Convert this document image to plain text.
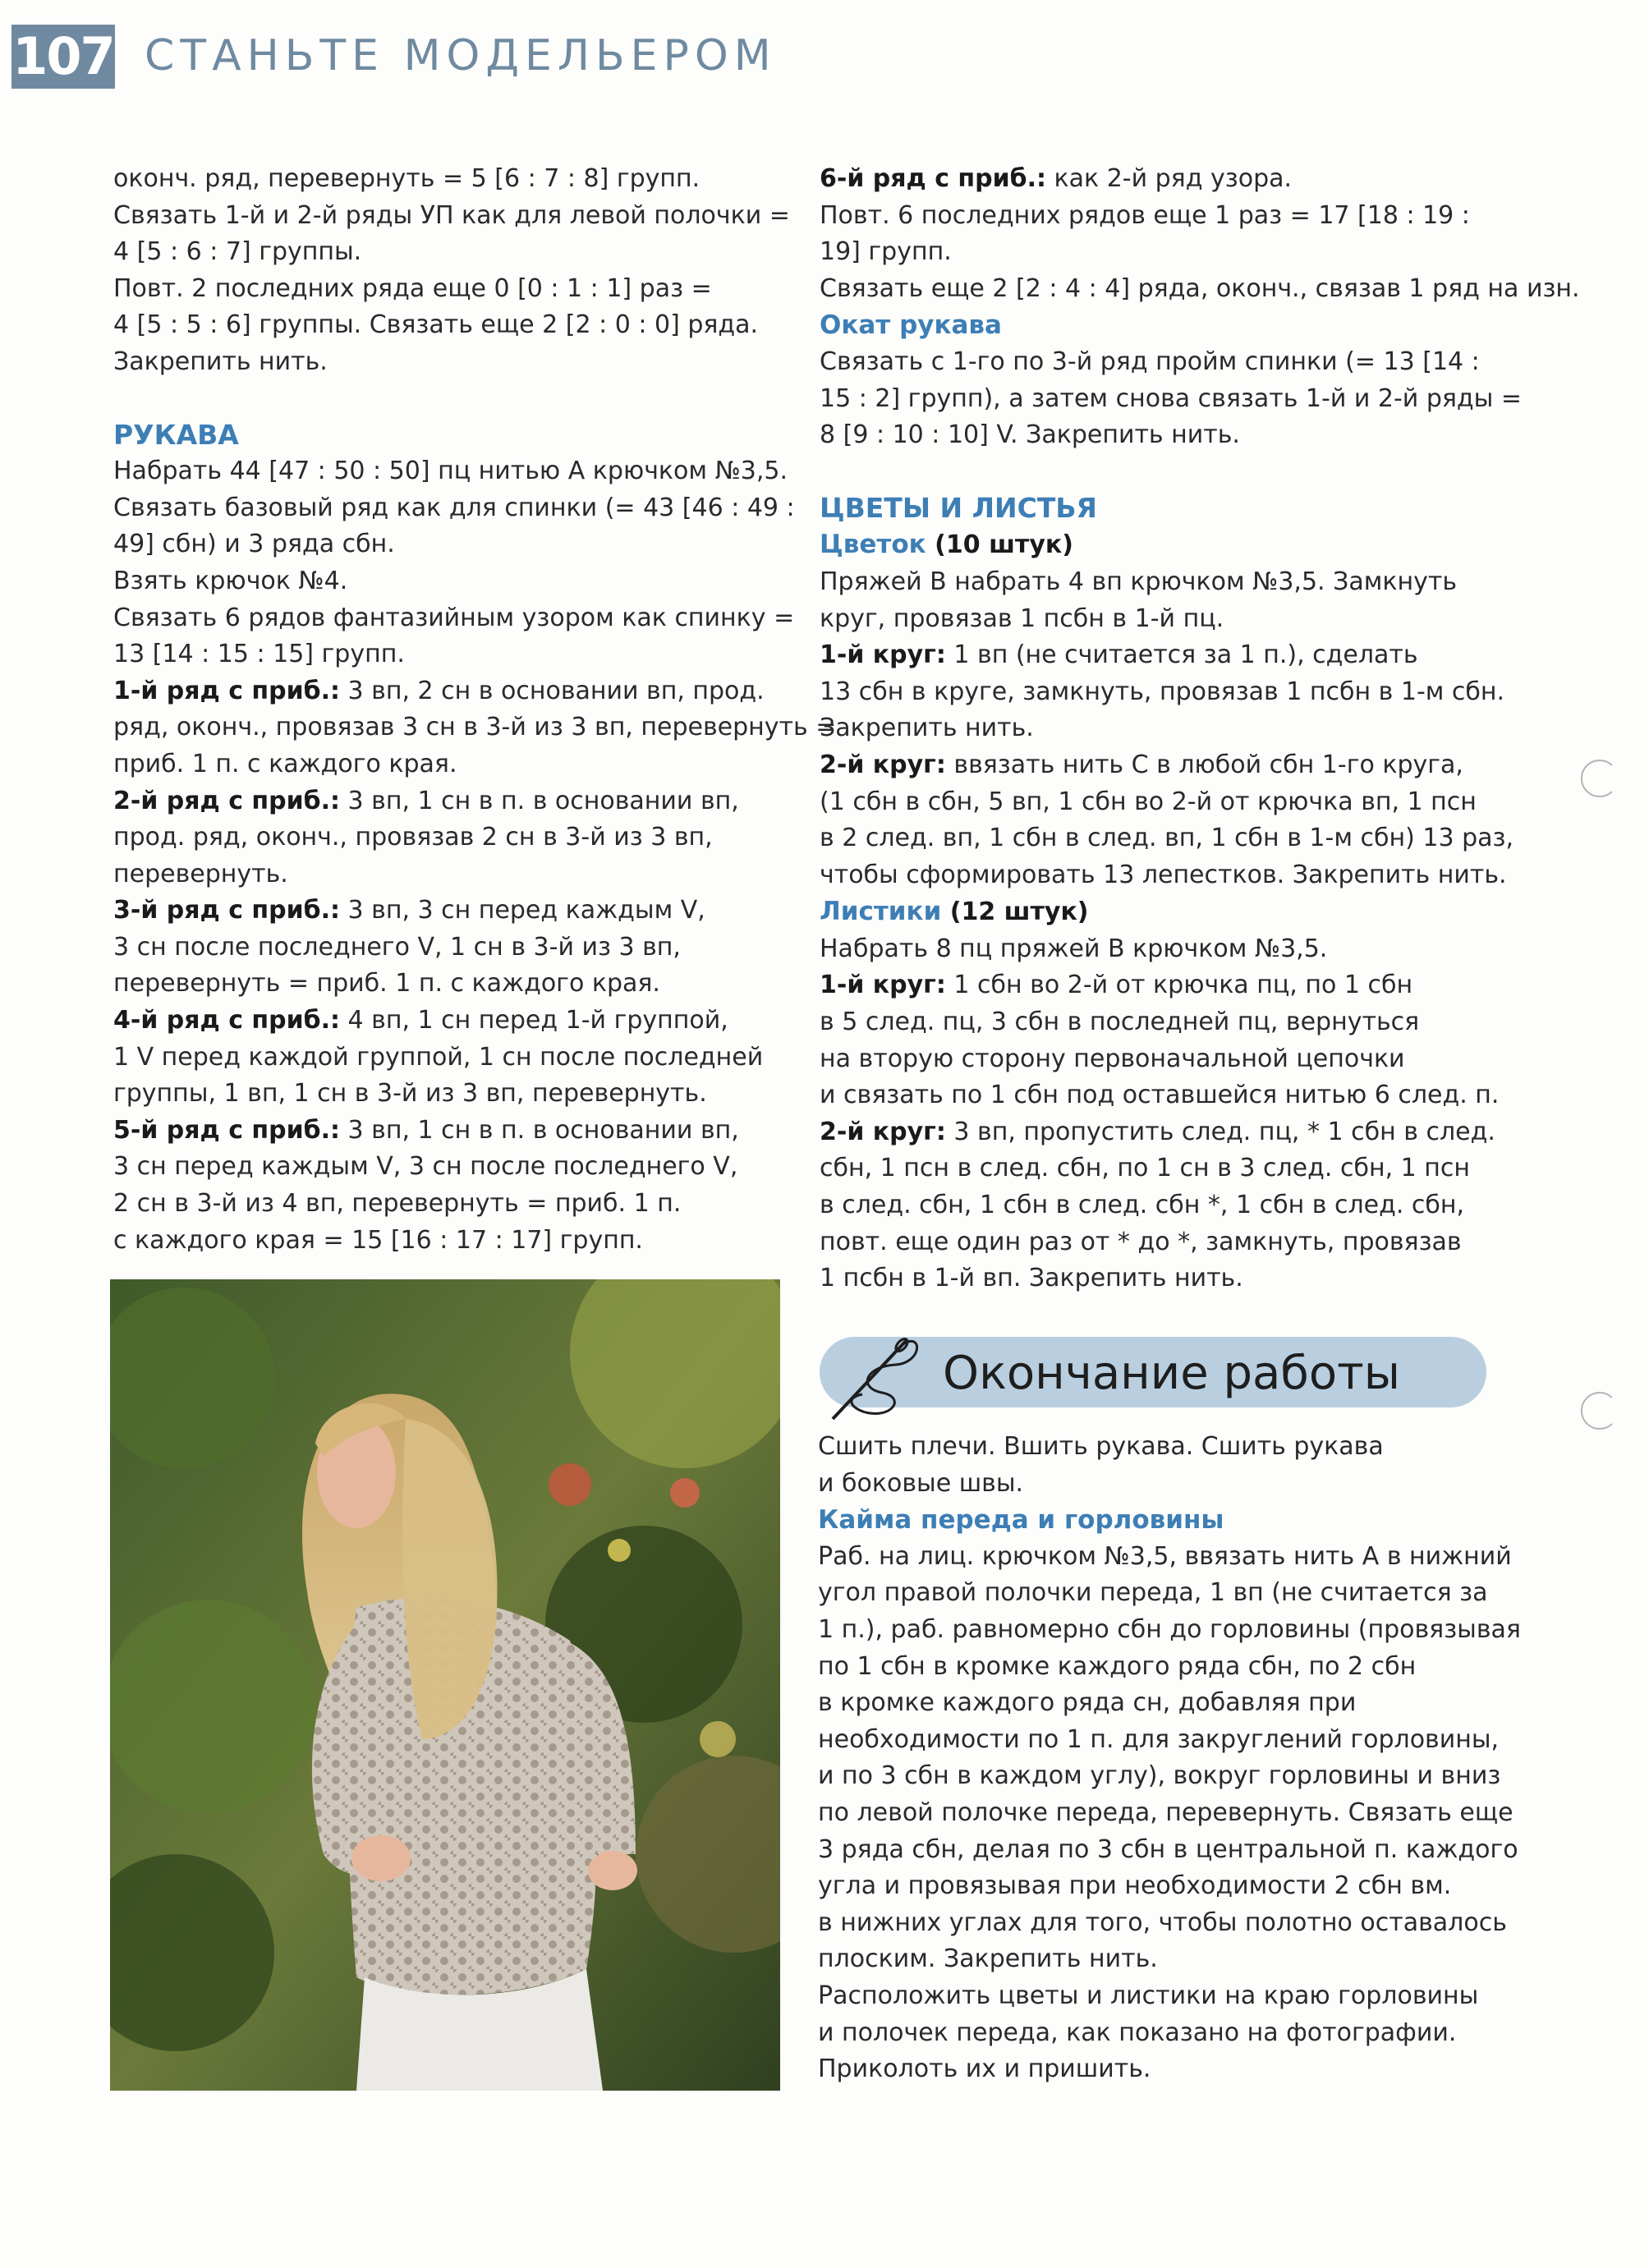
107 СТАНЬТЕ МОДЕЛЬЕРОМ
оконч. ряд, перевернуть = 5 [6 : 7 : 8] групп.
Связать 1-й и 2-й ряды УП как для левой полочки =
4 [5 : 6 : 7] группы.
Повт. 2 последних ряда еще 0 [0 : 1 : 1] раз =
4 [5 : 5 : 6] группы. Связать еще 2 [2 : 0 : 0] ряда.
Закрепить нить.
РУКАВА
Набрать 44 [47 : 50 : 50] пц нитью А крючком №3,5.
Связать базовый ряд как для спинки (= 43 [46 : 49 :
49] сбн) и 3 ряда сбн.
Взять крючок №4.
Связать 6 рядов фантазийным узором как спинку =
13 [14 : 15 : 15] групп.
1-й ряд с приб.: 3 вп, 2 сн в основании вп, прод.
ряд, оконч., провязав 3 сн в 3-й из 3 вп, перевернуть =
приб. 1 п. с каждого края.
2-й ряд с приб.: 3 вп, 1 сн в п. в основании вп,
прод. ряд, оконч., провязав 2 сн в 3-й из 3 вп,
перевернуть.
3-й ряд с приб.: 3 вп, 3 сн перед каждым V,
3 сн после последнего V, 1 сн в 3-й из 3 вп,
перевернуть = приб. 1 п. с каждого края.
4-й ряд с приб.: 4 вп, 1 сн перед 1-й группой,
1 V перед каждой группой, 1 сн после последней
группы, 1 вп, 1 сн в 3-й из 3 вп, перевернуть.
5-й ряд с приб.: 3 вп, 1 сн в п. в основании вп,
3 сн перед каждым V, 3 сн после последнего V,
2 сн в 3-й из 4 вп, перевернуть = приб. 1 п.
с каждого края = 15 [16 : 17 : 17] групп.
6-й ряд с приб.: как 2-й ряд узора.
Повт. 6 последних рядов еще 1 раз = 17 [18 : 19 :
19] групп.
Связать еще 2 [2 : 4 : 4] ряда, оконч., связав 1 ряд на изн.
Окат рукава
Связать с 1-го по 3-й ряд пройм спинки (= 13 [14 :
15 : 2] групп), а затем снова связать 1-й и 2-й ряды =
8 [9 : 10 : 10] V. Закрепить нить.
ЦВЕТЫ И ЛИСТЬЯ
Цветок (10 штук)
Пряжей В набрать 4 вп крючком №3,5. Замкнуть
круг, провязав 1 псбн в 1-й пц.
1-й круг: 1 вп (не считается за 1 п.), сделать
13 сбн в круге, замкнуть, провязав 1 псбн в 1-м сбн.
Закрепить нить.
2-й круг: ввязать нить С в любой сбн 1-го круга,
(1 сбн в сбн, 5 вп, 1 сбн во 2-й от крючка вп, 1 псн
в 2 след. вп, 1 сбн в след. вп, 1 сбн в 1-м сбн) 13 раз,
чтобы сформировать 13 лепестков. Закрепить нить.
Листики (12 штук)
Набрать 8 пц пряжей В крючком №3,5.
1-й круг: 1 сбн во 2-й от крючка пц, по 1 сбн
в 5 след. пц, 3 сбн в последней пц, вернуться
на вторую сторону первоначальной цепочки
и связать по 1 сбн под оставшейся нитью 6 след. п.
2-й круг: 3 вп, пропустить след. пц, * 1 сбн в след.
сбн, 1 псн в след. сбн, по 1 сн в 3 след. сбн, 1 псн
в след. сбн, 1 сбн в след. сбн *, 1 сбн в след. сбн,
повт. еще один раз от * до *, замкнуть, провязав
1 псбн в 1-й вп. Закрепить нить.
Окончание работы
Сшить плечи. Вшить рукава. Сшить рукава
и боковые швы.
Кайма переда и горловины
Раб. на лиц. крючком №3,5, ввязать нить А в нижний
угол правой полочки переда, 1 вп (не считается за
1 п.), раб. равномерно сбн до горловины (провязывая
по 1 сбн в кромке каждого ряда сбн, по 2 сбн
в кромке каждого ряда сн, добавляя при
необходимости по 1 п. для закруглений горловины,
и по 3 сбн в каждом углу), вокруг горловины и вниз
по левой полочке переда, перевернуть. Связать еще
3 ряда сбн, делая по 3 сбн в центральной п. каждого
угла и провязывая при необходимости 2 сбн вм.
в нижних углах для того, чтобы полотно оставалось
плоским. Закрепить нить.
Расположить цветы и листики на краю горловины
и полочек переда, как показано на фотографии.
Приколоть их и пришить.
